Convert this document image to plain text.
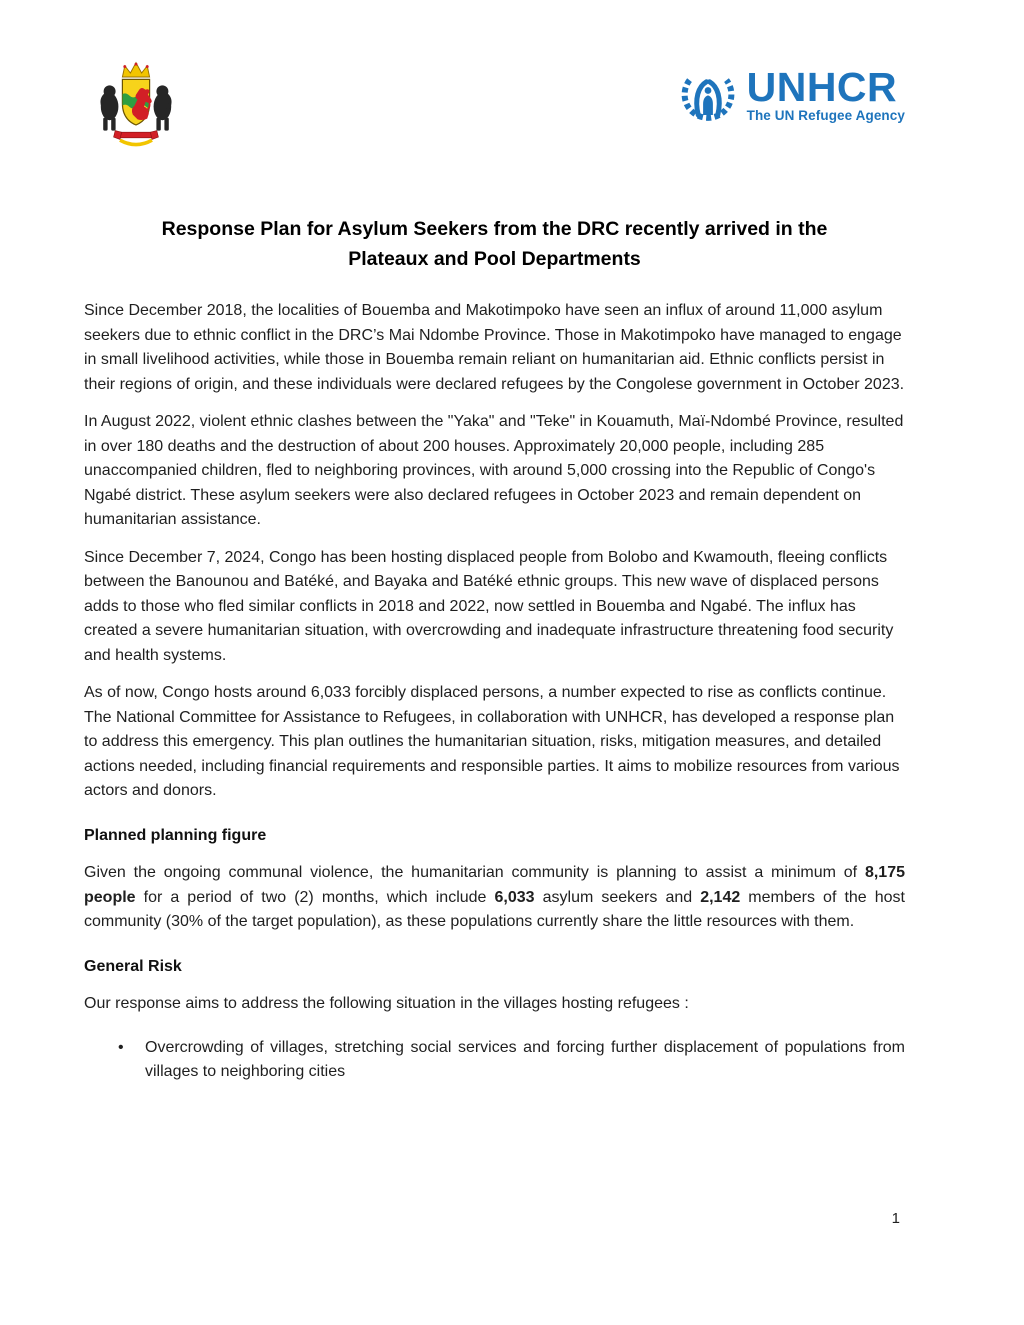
UNHCR
The UN Refugee Agency
Response Plan for Asylum Seekers from the DRC recently arrived in the
Plateaux and Pool Departments

Since December 2018, the localities of Bouemba and Makotimpoko have seen an influx of around 11,000 asylum seekers due to ethnic conflict in the DRC’s Mai Ndombe Province. Those in Makotimpoko have managed to engage in small livelihood activities, while those in Bouemba remain reliant on humanitarian aid. Ethnic conflicts persist in their regions of origin, and these individuals were declared refugees by the Congolese government in October 2023.

In August 2022, violent ethnic clashes between the "Yaka" and "Teke" in Kouamuth, Maï-Ndombé Province, resulted in over 180 deaths and the destruction of about 200 houses. Approximately 20,000 people, including 285 unaccompanied children, fled to neighboring provinces, with around 5,000 crossing into the Republic of Congo's Ngabé district. These asylum seekers were also declared refugees in October 2023 and remain dependent on humanitarian assistance.

Since December 7, 2024, Congo has been hosting displaced people from Bolobo and Kwamouth, fleeing conflicts between the Banounou and Batéké, and Bayaka and Batéké ethnic groups. This new wave of displaced persons adds to those who fled similar conflicts in 2018 and 2022, now settled in Bouemba and Ngabé. The influx has created a severe humanitarian situation, with overcrowding and inadequate infrastructure threatening food security and health systems.

As of now, Congo hosts around 6,033 forcibly displaced persons, a number expected to rise as conflicts continue. The National Committee for Assistance to Refugees, in collaboration with UNHCR, has developed a response plan to address this emergency. This plan outlines the humanitarian situation, risks, mitigation measures, and detailed actions needed, including financial requirements and responsible parties. It aims to mobilize resources from various actors and donors.

Planned planning figure

Given the ongoing communal violence, the humanitarian community is planning to assist a minimum of 8,175 people for a period of two (2) months, which include 6,033 asylum seekers and 2,142 members of the host community (30% of the target population), as these populations currently share the little resources with them.

General Risk

Our response aims to address the following situation in the villages hosting refugees :

• Overcrowding of villages, stretching social services and forcing further displacement of populations from villages to neighboring cities
1
